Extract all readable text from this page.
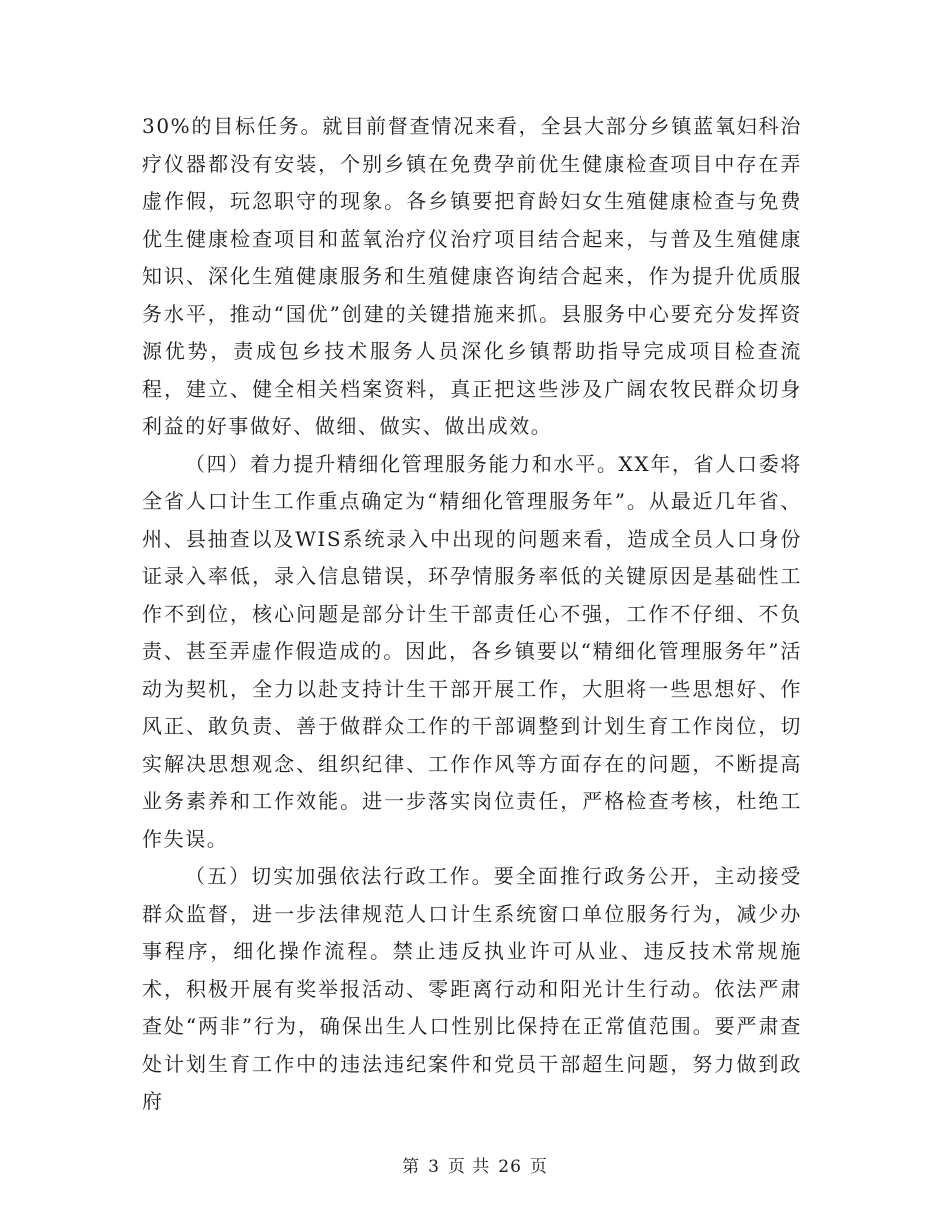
30%的目标任务。就目前督查情况来看，全县大部分乡镇蓝氧妇科治疗仪器都没有安装，个别乡镇在免费孕前优生健康检查项目中存在弄虚作假，玩忽职守的现象。各乡镇要把育龄妇女生殖健康检查与免费优生健康检查项目和蓝氧治疗仪治疗项目结合起来，与普及生殖健康知识、深化生殖健康服务和生殖健康咨询结合起来，作为提升优质服务水平，推动“国优”创建的关键措施来抓。县服务中心要充分发挥资源优势，责成包乡技术服务人员深化乡镇帮助指导完成项目检查流程，建立、健全相关档案资料，真正把这些涉及广阔农牧民群众切身利益的好事做好、做细、做实、做出成效。

（四）着力提升精细化管理服务能力和水平。XX年，省人口委将全省人口计生工作重点确定为“精细化管理服务年”。从最近几年省、州、县抽查以及WIS系统录入中出现的问题来看，造成全员人口身份证录入率低，录入信息错误，环孕情服务率低的关键原因是基础性工作不到位，核心问题是部分计生干部责任心不强，工作不仔细、不负责、甚至弄虚作假造成的。因此，各乡镇要以“精细化管理服务年”活动为契机，全力以赴支持计生干部开展工作，大胆将一些思想好、作风正、敢负责、善于做群众工作的干部调整到计划生育工作岗位，切实解决思想观念、组织纪律、工作作风等方面存在的问题，不断提高业务素养和工作效能。进一步落实岗位责任，严格检查考核，杜绝工作失误。

（五）切实加强依法行政工作。要全面推行政务公开，主动接受群众监督，进一步法律规范人口计生系统窗口单位服务行为，减少办事程序，细化操作流程。禁止违反执业许可从业、违反技术常规施术，积极开展有奖举报活动、零距离行动和阳光计生行动。依法严肃查处“两非”行为，确保出生人口性别比保持在正常值范围。要严肃查处计划生育工作中的违法违纪案件和党员干部超生问题，努力做到政府

第 3 页 共 26 页
